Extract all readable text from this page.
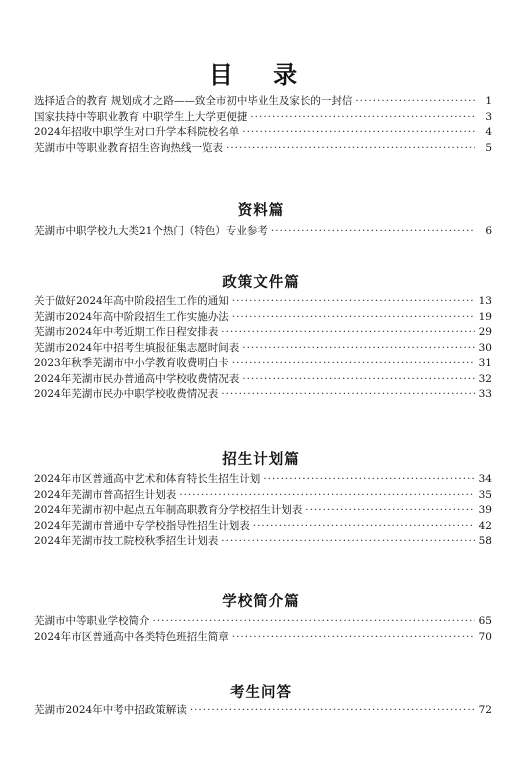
目 录
选择适合的教育 规划成才之路——致全市初中毕业生及家长的一封信 ·····	1
国家扶持中等职业教育 中职学生上大学更便捷 ·····	3
2024年招收中职学生对口升学本科院校名单 ·····	4
芜湖市中等职业教育招生咨询热线一览表 ·····	5
资料篇
芜湖市中职学校九大类21个热门（特色）专业参考 ·····	6
政策文件篇
关于做好2024年高中阶段招生工作的通知 ·····	13
芜湖市2024年高中阶段招生工作实施办法 ·····	19
芜湖市2024年中考近期工作日程安排表 ·····	29
芜湖市2024年中招考生填报征集志愿时间表 ·····	30
2023年秋季芜湖市中小学教育收费明白卡 ·····	31
2024年芜湖市民办普通高中学校收费情况表 ·····	32
2024年芜湖市民办中职学校收费情况表 ·····	33
招生计划篇
2024年市区普通高中艺术和体育特长生招生计划 ·····	34
2024年芜湖市普高招生计划表 ·····	35
2024年芜湖市初中起点五年制高职教育分学校招生计划表 ·····	39
2024年芜湖市普通中专学校指导性招生计划表 ·····	42
2024年芜湖市技工院校秋季招生计划表 ·····	58
学校简介篇
芜湖市中等职业学校简介 ·····	65
2024年市区普通高中各类特色班招生简章 ·····	70
考生问答
芜湖市2024年中考中招政策解读 ·····	72
